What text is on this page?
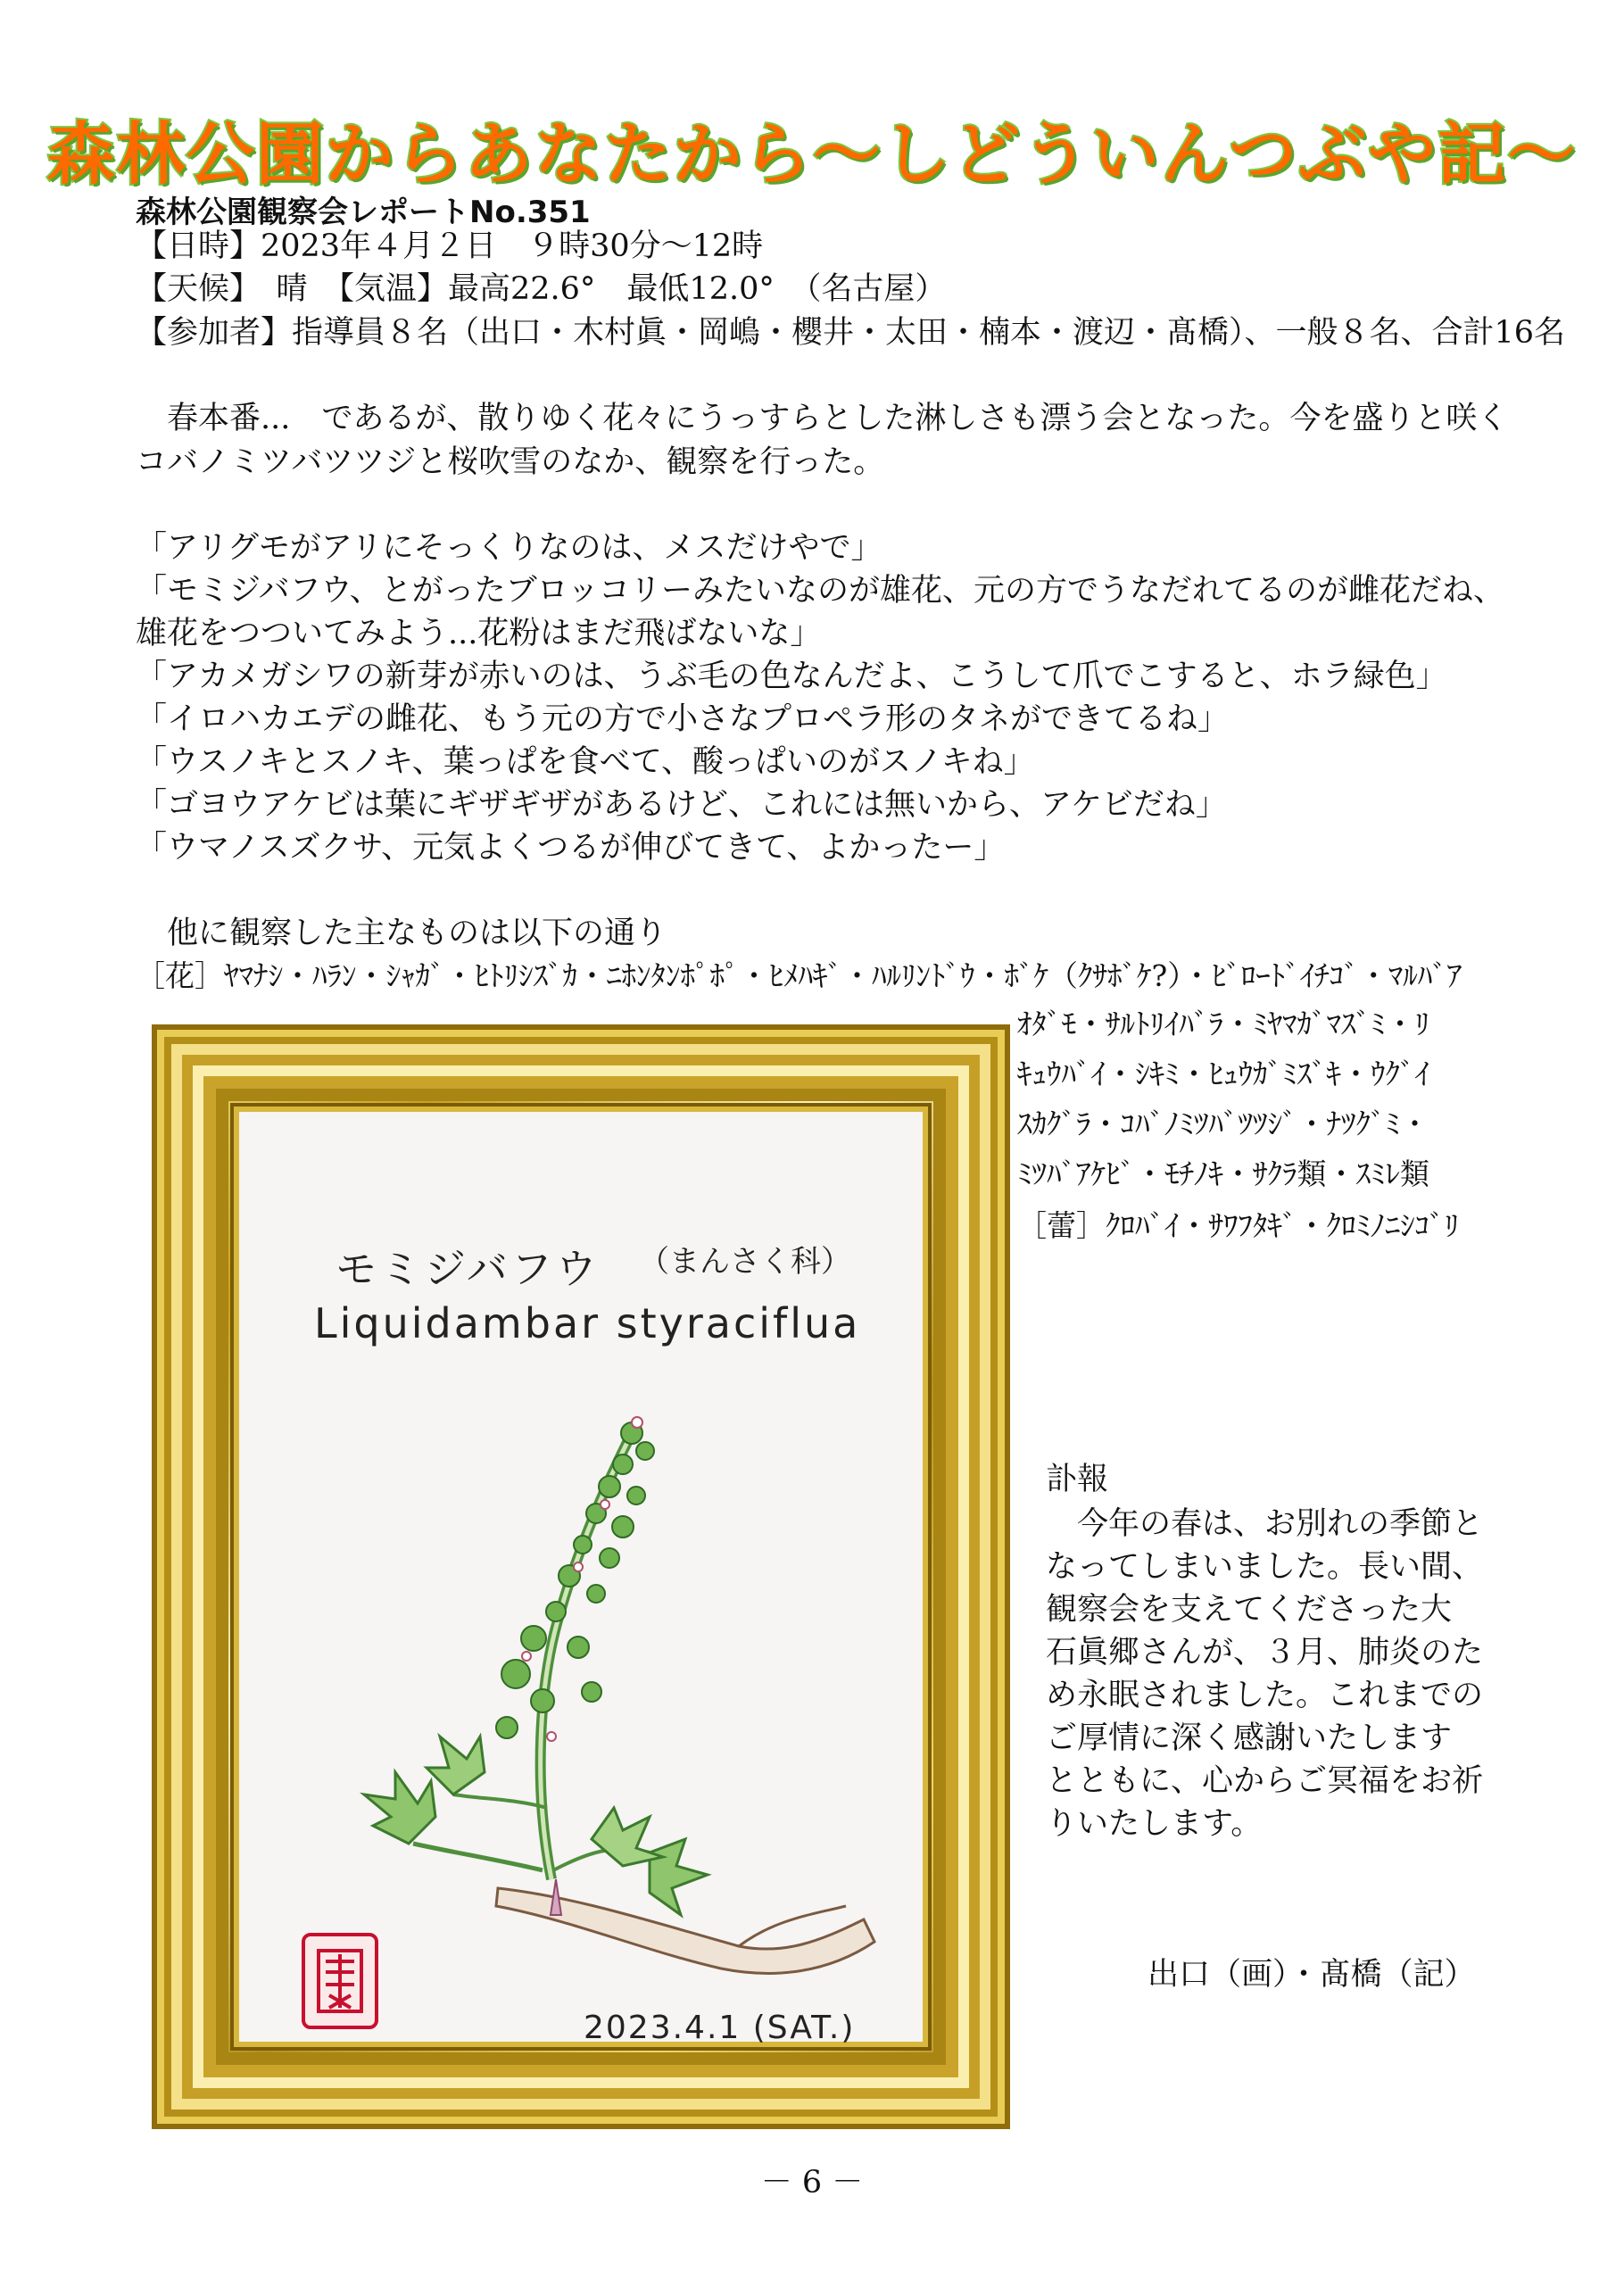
森林公園からあなたから～しどういんつぶや記～
森林公園観察会レポートNo.351
【日時】2023年４月２日　９時30分～12時
【天候】　晴　【気温】最高22.6°　最低12.0°　（名古屋）
【参加者】指導員８名（出口・木村眞・岡嶋・櫻井・太田・楠本・渡辺・髙橋）、一般８名、合計16名
　春本番...　であるが、散りゆく花々にうっすらとした淋しさも漂う会となった。今を盛りと咲く
コバノミツバツツジと桜吹雪のなか、観察を行った。
「アリグモがアリにそっくりなのは、メスだけやで」
「モミジバフウ、とがったブロッコリーみたいなのが雄花、元の方でうなだれてるのが雌花だね、
雄花をつついてみよう...花粉はまだ飛ばないな」
「アカメガシワの新芽が赤いのは、うぶ毛の色なんだよ、こうして爪でこすると、ホラ緑色」
「イロハカエデの雌花、もう元の方で小さなプロペラ形のタネができてるね」
「ウスノキとスノキ、葉っぱを食べて、酸っぱいのがスノキね」
「ゴヨウアケビは葉にギザギザがあるけど、これには無いから、アケビだね」
「ウマノスズクサ、元気よくつるが伸びてきて、よかったー」
　他に観察した主なものは以下の通り
［花］ﾔﾏﾅｼ・ﾊﾗﾝ・ｼｬｶﾞ・ﾋﾄﾘｼｽﾞｶ・ﾆﾎﾝﾀﾝﾎﾟﾎﾟ・ﾋﾒﾊｷﾞ・ﾊﾙﾘﾝﾄﾞｳ・ﾎﾞｹ（ｸｻﾎﾞｹ?）・ﾋﾞﾛｰﾄﾞｲﾁｺﾞ・ﾏﾙﾊﾞｱ
ｵﾀﾞﾓ・ｻﾙﾄﾘｲﾊﾞﾗ・ﾐﾔﾏｶﾞﾏｽﾞﾐ・ﾘ
ｷｭｳﾊﾞｲ・ｼｷﾐ・ﾋｭｳｶﾞﾐｽﾞｷ・ｳｸﾞｲ
ｽｶｸﾞﾗ・ｺﾊﾞﾉﾐﾂﾊﾞﾂﾂｼﾞ・ﾅﾂｸﾞﾐ・
ﾐﾂﾊﾞｱｹﾋﾞ・ﾓﾁﾉｷ・ｻｸﾗ類・ｽﾐﾚ類
［蕾］ｸﾛﾊﾞｲ・ｻﾜﾌﾀｷﾞ・ｸﾛﾐﾉﾆｼｺﾞﾘ
モミジバフウ （まんさく科）
Liquidambar styraciflua
2023.4.1 (SAT.)
訃報
　今年の春は、お別れの季節と
なってしまいました。長い間、
観察会を支えてくださった大
石眞郷さんが、３月、肺炎のた
め永眠されました。これまでの
ご厚情に深く感謝いたします
とともに、心からご冥福をお祈
りいたします。
出口（画）・髙橋（記）
－ 6 －
